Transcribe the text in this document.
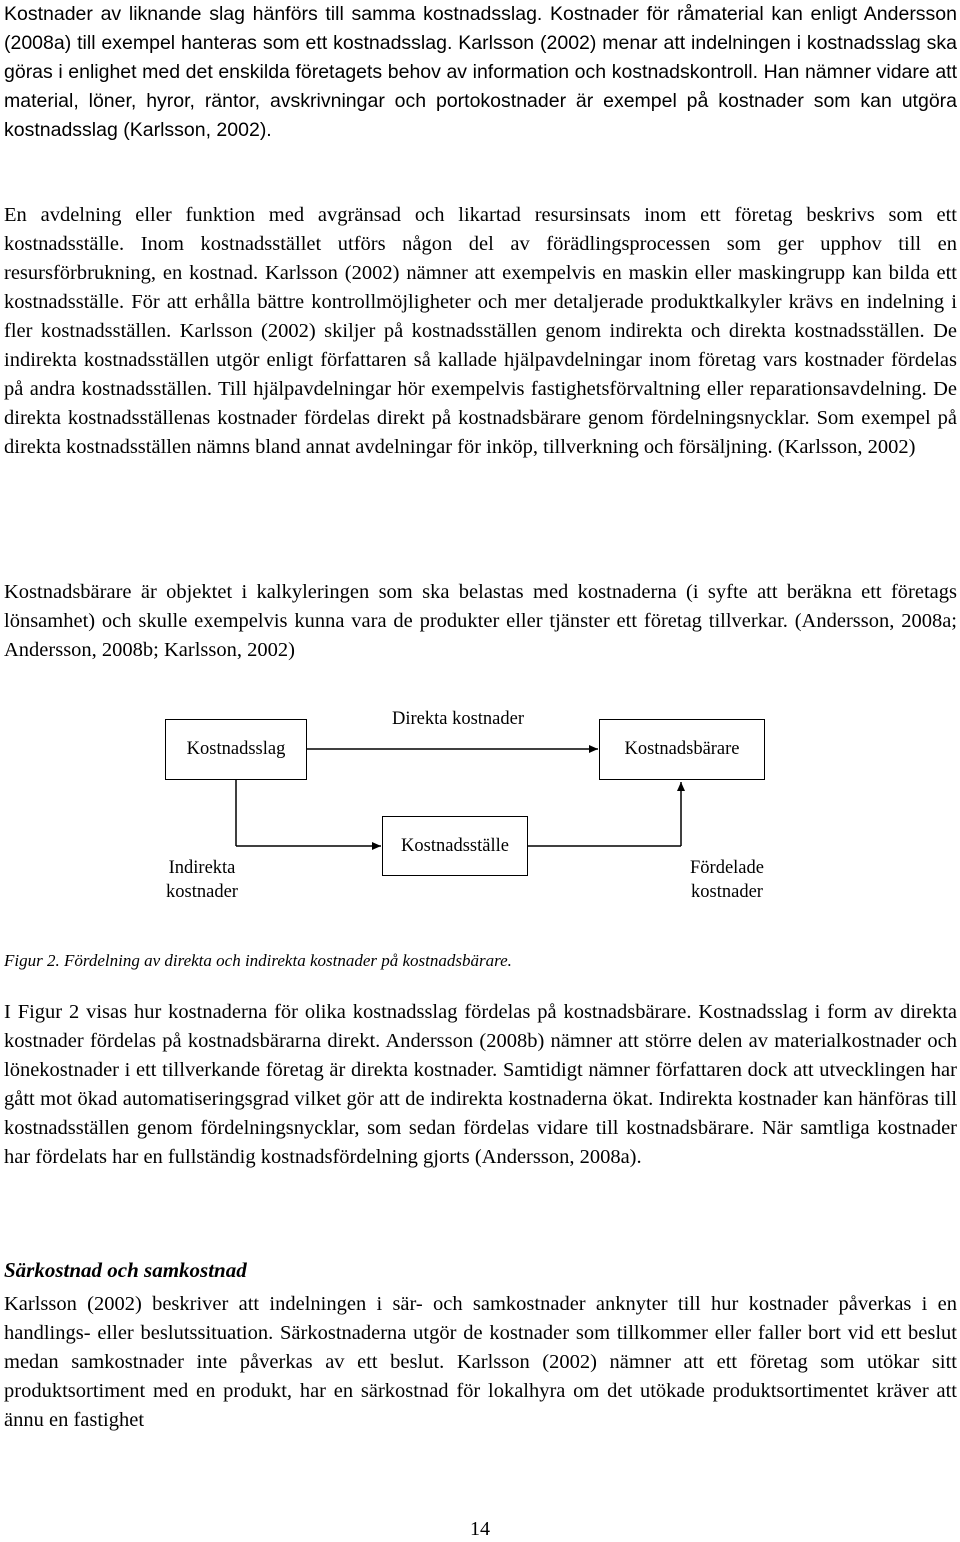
Kostnader av liknande slag hänförs till samma kostnadsslag. Kostnader för råmaterial kan enligt Andersson (2008a) till exempel hanteras som ett kostnadsslag. Karlsson (2002) menar att indelningen i kostnadsslag ska göras i enlighet med det enskilda företagets behov av information och kostnadskontroll. Han nämner vidare att material, löner, hyror, räntor, avskrivningar och portokostnader är exempel på kostnader som kan utgöra kostnadsslag (Karlsson, 2002).

En avdelning eller funktion med avgränsad och likartad resursinsats inom ett företag beskrivs som ett kostnadsställe. Inom kostnadsstället utförs någon del av förädlingsprocessen som ger upphov till en resursförbrukning, en kostnad. Karlsson (2002) nämner att exempelvis en maskin eller maskingrupp kan bilda ett kostnadsställe. För att erhålla bättre kontrollmöjligheter och mer detaljerade produktkalkyler krävs en indelning i fler kostnadsställen. Karlsson (2002) skiljer på kostnadsställen genom indirekta och direkta kostnadsställen. De indirekta kostnadsställen utgör enligt författaren så kallade hjälpavdelningar inom företag vars kostnader fördelas på andra kostnadsställen. Till hjälpavdelningar hör exempelvis fastighetsförvaltning eller reparationsavdelning. De direkta kostnadsställenas kostnader fördelas direkt på kostnadsbärare genom fördelningsnycklar. Som exempel på direkta kostnadsställen nämns bland annat avdelningar för inköp, tillverkning och försäljning. (Karlsson, 2002)

Kostnadsbärare är objektet i kalkyleringen som ska belastas med kostnaderna (i syfte att beräkna ett företags lönsamhet) och skulle exempelvis kunna vara de produkter eller tjänster ett företag tillverkar. (Andersson, 2008a; Andersson, 2008b; Karlsson, 2002)

Kostnadsslag	Kostnadsbärare
Kostnadsställe
Direkta kostnader
Indirekta
kostnader
Fördelade
kostnader

Figur 2. Fördelning av direkta och indirekta kostnader på kostnadsbärare.

I Figur 2 visas hur kostnaderna för olika kostnadsslag fördelas på kostnadsbärare. Kostnadsslag i form av direkta kostnader fördelas på kostnadsbärarna direkt. Andersson (2008b) nämner att större delen av materialkostnader och lönekostnader i ett tillverkande företag är direkta kostnader. Samtidigt nämner författaren dock att utvecklingen har gått mot ökad automatiseringsgrad vilket gör att de indirekta kostnaderna ökat. Indirekta kostnader kan hänföras till kostnadsställen genom fördelningsnycklar, som sedan fördelas vidare till kostnadsbärare. När samtliga kostnader har fördelats har en fullständig kostnadsfördelning gjorts (Andersson, 2008a).

Särkostnad och samkostnad

Karlsson (2002) beskriver att indelningen i sär- och samkostnader anknyter till hur kostnader påverkas i en handlings- eller beslutssituation. Särkostnaderna utgör de kostnader som tillkommer eller faller bort vid ett beslut medan samkostnader inte påverkas av ett beslut. Karlsson (2002) nämner att ett företag som utökar sitt produktsortiment med en produkt, har en särkostnad för lokalhyra om det utökade produktsortimentet kräver att ännu en fastighet

14
